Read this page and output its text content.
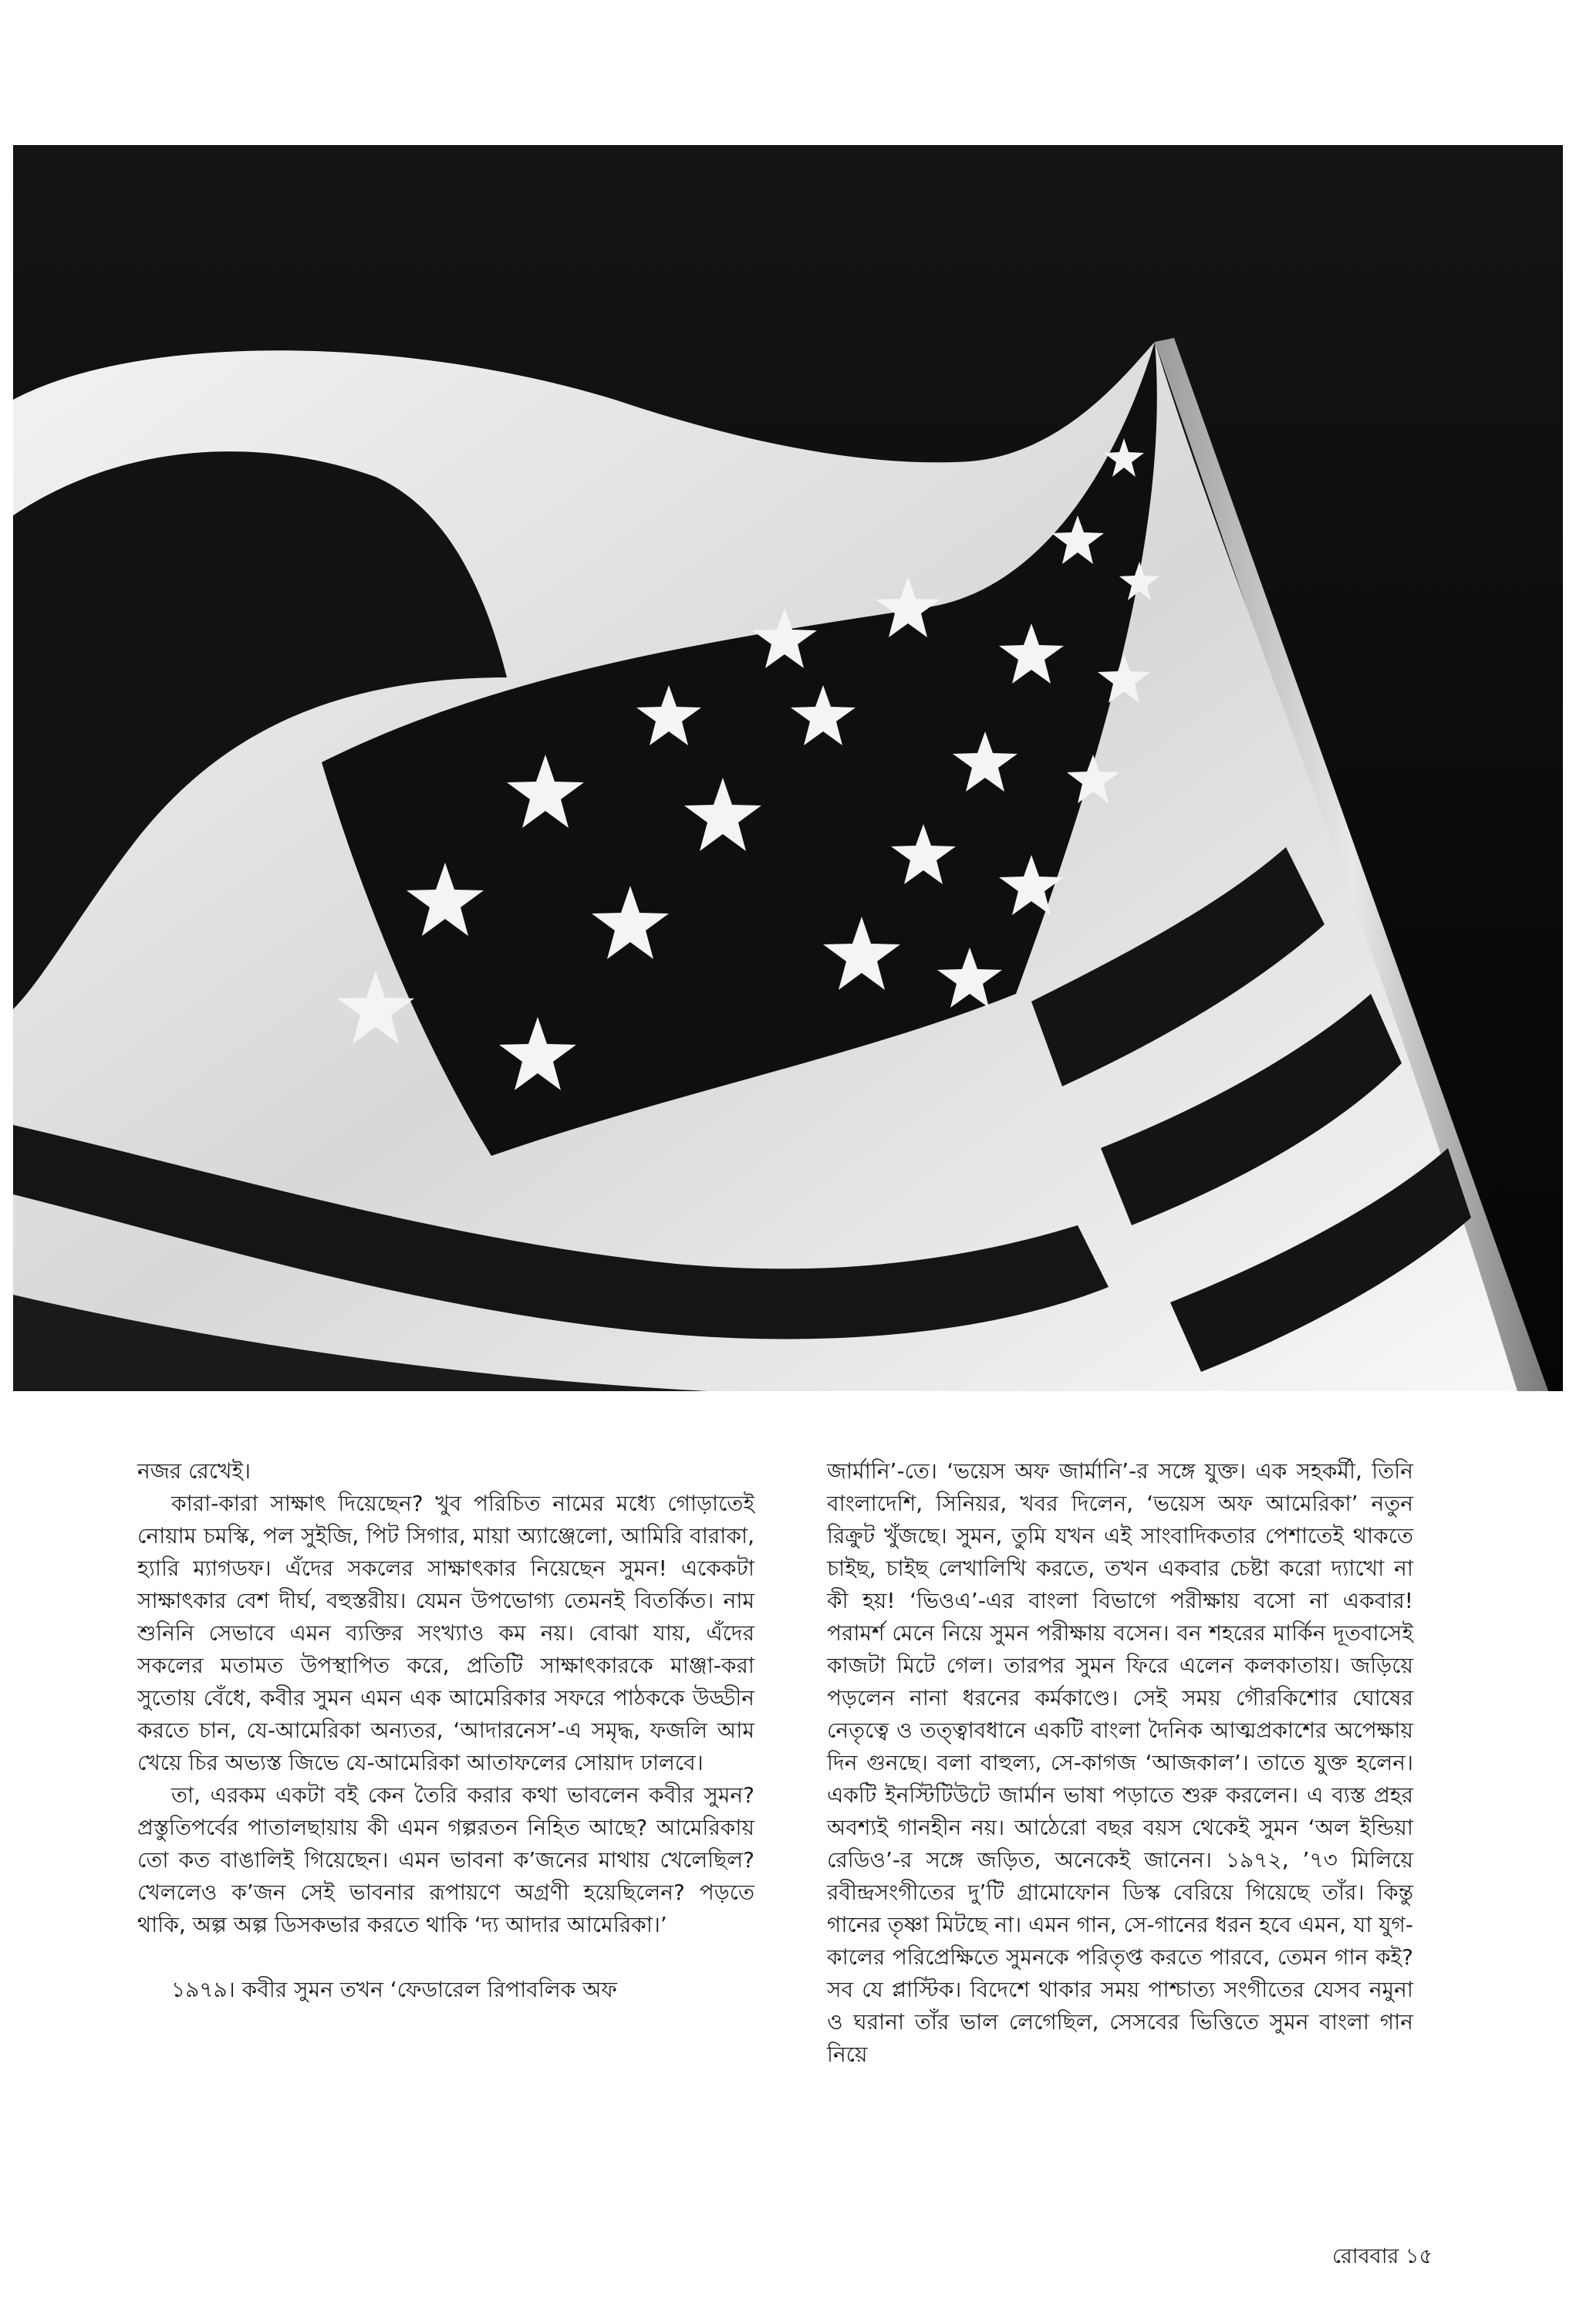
নজর রেখেই।

কারা-কারা সাক্ষাৎ দিয়েছেন? খুব পরিচিত নামের মধ্যে গোড়াতেই নোয়াম চমস্কি, পল সুইজি, পিট সিগার, মায়া অ্যাঞ্জেলো, আমিরি বারাকা, হ্যারি ম্যাগডফ। এঁদের সকলের সাক্ষাৎকার নিয়েছেন সুমন! একেকটা সাক্ষাৎকার বেশ দীর্ঘ, বহুস্তরীয়। যেমন উপভোগ্য তেমনই বিতর্কিত। নাম শুনিনি সেভাবে এমন ব্যক্তির সংখ্যাও কম নয়। বোঝা যায়, এঁদের সকলের মতামত উপস্থাপিত করে, প্রতিটি সাক্ষাৎকারকে মাঞ্জা-করা সুতোয় বেঁধে, কবীর সুমন এমন এক আমেরিকার সফরে পাঠককে উড্ডীন করতে চান, যে-আমেরিকা অন্যতর, ‘আদারনেস’-এ সমৃদ্ধ, ফজলি আম খেয়ে চির অভ্যস্ত জিভে যে-আমেরিকা আতাফলের সোয়াদ ঢালবে।

তা, এরকম একটা বই কেন তৈরি করার কথা ভাবলেন কবীর সুমন? প্রস্তুতিপর্বের পাতালছায়ায় কী এমন গল্পরতন নিহিত আছে? আমেরিকায় তো কত বাঙালিই গিয়েছেন। এমন ভাবনা ক’জনের মাথায় খেলেছিল? খেললেও ক’জন সেই ভাবনার রূপায়ণে অগ্রণী হয়েছিলেন? পড়তে থাকি, অল্প অল্প ডিসকভার করতে থাকি ‘দ্য আদার আমেরিকা।’

১৯৭৯। কবীর সুমন তখন ‘ফেডারেল রিপাবলিক অফ

জার্মানি’-তে। ‘ভয়েস অফ জার্মানি’-র সঙ্গে যুক্ত। এক সহকর্মী, তিনি বাংলাদেশি, সিনিয়র, খবর দিলেন, ‘ভয়েস অফ আমেরিকা’ নতুন রিক্রুট খুঁজছে। সুমন, তুমি যখন এই সাংবাদিকতার পেশাতেই থাকতে চাইছ, চাইছ লেখালিখি করতে, তখন একবার চেষ্টা করো দ্যাখো না কী হয়! ‘ভিওএ’-এর বাংলা বিভাগে পরীক্ষায় বসো না একবার! পরামর্শ মেনে নিয়ে সুমন পরীক্ষায় বসেন। বন শহরের মার্কিন দূতবাসেই কাজটা মিটে গেল। তারপর সুমন ফিরে এলেন কলকাতায়। জড়িয়ে পড়লেন নানা ধরনের কর্মকাণ্ডে। সেই সময় গৌরকিশোর ঘোষের নেতৃত্বে ও তত্ত্বাবধানে একটি বাংলা দৈনিক আত্মপ্রকাশের অপেক্ষায় দিন গুনছে। বলা বাহুল্য, সে-কাগজ ‘আজকাল’। তাতে যুক্ত হলেন। একটি ইনস্টিটিউটে জার্মান ভাষা পড়াতে শুরু করলেন। এ ব্যস্ত প্রহর অবশ্যই গানহীন নয়। আঠেরো বছর বয়স থেকেই সুমন ‘অল ইন্ডিয়া রেডিও’-র সঙ্গে জড়িত, অনেকেই জানেন। ১৯৭২, ’৭৩ মিলিয়ে রবীন্দ্রসংগীতের দু’টি গ্রামোফোন ডিস্ক বেরিয়ে গিয়েছে তাঁর। কিন্তু গানের তৃষ্ণা মিটছে না। এমন গান, সে-গানের ধরন হবে এমন, যা যুগ-কালের পরিপ্রেক্ষিতে সুমনকে পরিতৃপ্ত করতে পারবে, তেমন গান কই? সব যে প্লাস্টিক। বিদেশে থাকার সময় পাশ্চাত্য সংগীতের যেসব নমুনা ও ঘরানা তাঁর ভাল লেগেছিল, সেসবের ভিত্তিতে সুমন বাংলা গান নিয়ে

রোববার ১৫
